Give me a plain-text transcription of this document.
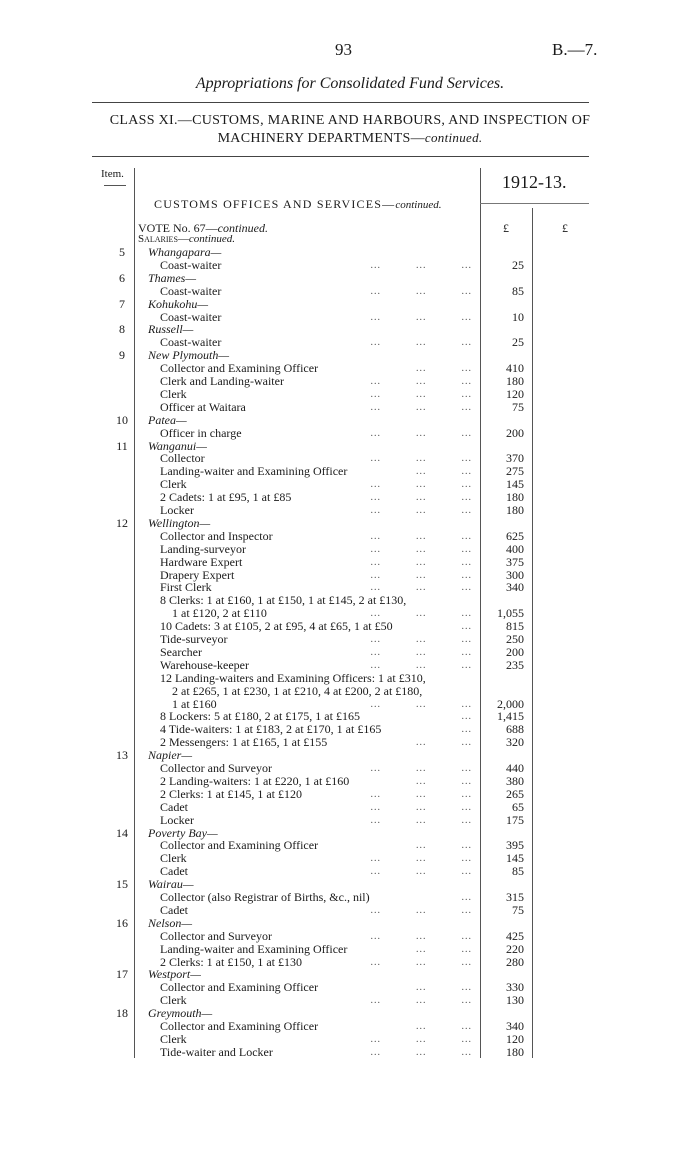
93	B.—7.
Appropriations for Consolidated Fund Services.
CLASS XI.—CUSTOMS, MARINE AND HARBOURS, AND INSPECTION OF
MACHINERY DEPARTMENTS—continued.
Item.	1912-13.
CUSTOMS OFFICES AND SERVICES—continued.
VOTE No. 67—continued.
Salaries—continued.
£	£
5	Whangapara—
Coast-waiter	...          ...          ...	25
6	Thames—
Coast-waiter	...          ...          ...	85
7	Kohukohu—
Coast-waiter	...          ...          ...	10
8	Russell—
Coast-waiter	...          ...          ...	25
9	New Plymouth—
Collector and Examining Officer	...          ...	410
Clerk and Landing-waiter	...          ...          ...	180
Clerk	...          ...          ...	120
Officer at Waitara	...          ...          ...	75
10	Patea—
Officer in charge	...          ...          ...	200
11	Wanganui—
Collector	...          ...          ...	370
Landing-waiter and Examining Officer	...          ...	275
Clerk	...          ...          ...	145
2 Cadets: 1 at £95, 1 at £85	...          ...          ...	180
Locker	...          ...          ...	180
12	Wellington—
Collector and Inspector	...          ...          ...	625
Landing-surveyor	...          ...          ...	400
Hardware Expert	...          ...          ...	375
Drapery Expert	...          ...          ...	300
First Clerk	...          ...          ...	340
8 Clerks: 1 at £160, 1 at £150, 1 at £145, 2 at £130,
1 at £120, 2 at £110	...          ...          ...	1,055
10 Cadets: 3 at £105, 2 at £95, 4 at £65, 1 at £50	...	815
Tide-surveyor	...          ...          ...	250
Searcher	...          ...          ...	200
Warehouse-keeper	...          ...          ...	235
12 Landing-waiters and Examining Officers: 1 at £310,
2 at £265, 1 at £230, 1 at £210, 4 at £200, 2 at £180,
1 at £160	...          ...          ...	2,000
8 Lockers: 5 at £180, 2 at £175, 1 at £165	...	1,415
4 Tide-waiters: 1 at £183, 2 at £170, 1 at £165	...	688
2 Messengers: 1 at £165, 1 at £155	...          ...	320
13	Napier—
Collector and Surveyor	...          ...          ...	440
2 Landing-waiters: 1 at £220, 1 at £160	...          ...	380
2 Clerks: 1 at £145, 1 at £120	...          ...          ...	265
Cadet	...          ...          ...	65
Locker	...          ...          ...	175
14	Poverty Bay—
Collector and Examining Officer	...          ...	395
Clerk	...          ...          ...	145
Cadet	...          ...          ...	85
15	Wairau—
Collector (also Registrar of Births, &c., nil)	...	315
Cadet	...          ...          ...	75
16	Nelson—
Collector and Surveyor	...          ...          ...	425
Landing-waiter and Examining Officer	...          ...	220
2 Clerks: 1 at £150, 1 at £130	...          ...          ...	280
17	Westport—
Collector and Examining Officer	...          ...	330
Clerk	...          ...          ...	130
18	Greymouth—
Collector and Examining Officer	...          ...	340
Clerk	...          ...          ...	120
Tide-waiter and Locker	...          ...          ...	180
